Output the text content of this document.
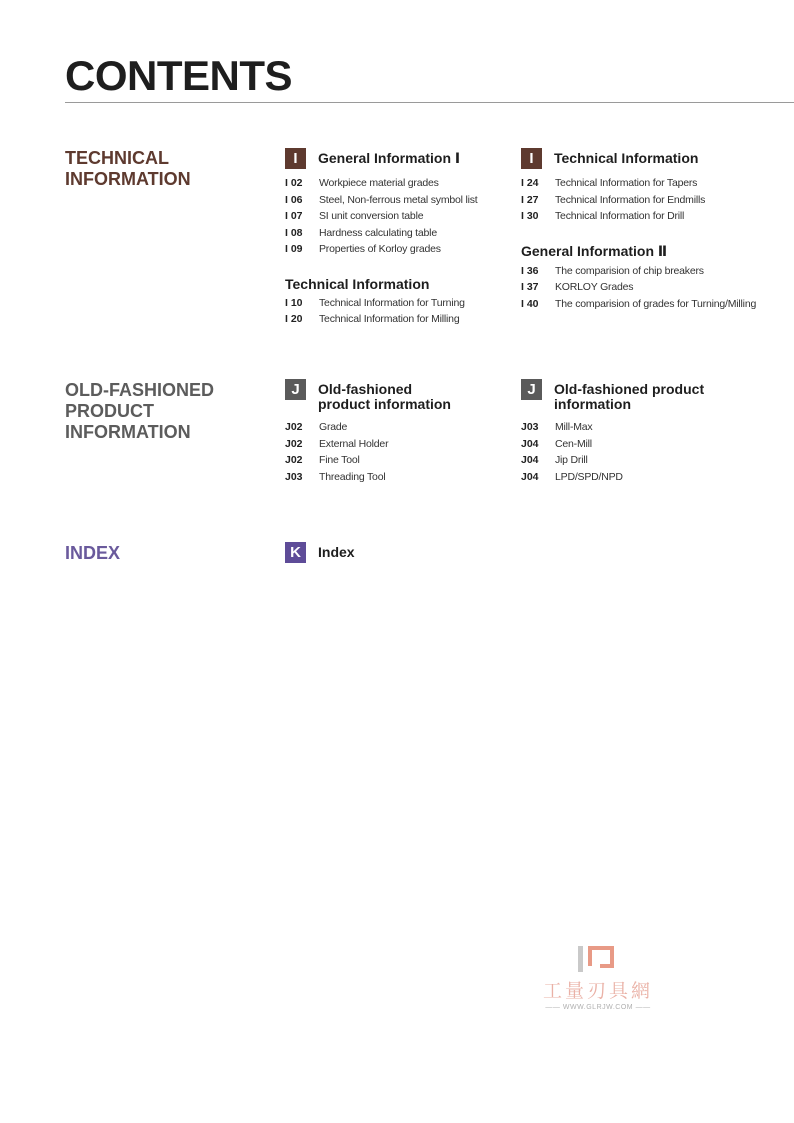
CONTENTS
TECHNICAL
INFORMATION
I	General Information Ⅰ
I 02	Workpiece material grades
I 06	Steel, Non-ferrous metal symbol list
I 07	SI unit conversion table
I 08	Hardness calculating table
I 09	Properties of Korloy grades
Technical Information
I 10	Technical Information for Turning
I 20	Technical Information for Milling
I	Technical Information
I 24	Technical Information for Tapers
I 27	Technical Information for Endmills
I 30	Technical Information for Drill
General Information Ⅱ
I 36	The comparision of chip breakers
I 37	KORLOY Grades
I 40	The comparision of grades for Turning/Milling
OLD-FASHIONED
PRODUCT
INFORMATION
J	Old-fashioned
product information
J02	Grade
J02	External Holder
J02	Fine Tool
J03	Threading Tool
J	Old-fashioned product
information
J03	Mill-Max
J04	Cen-Mill
J04	Jip Drill
J04	LPD/SPD/NPD
INDEX	K	Index
工量刃具網
—— WWW.GLRJW.COM ——
